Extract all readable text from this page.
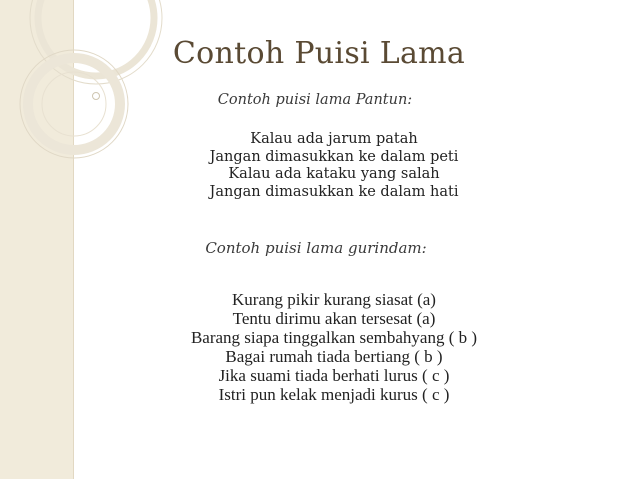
Contoh Puisi Lama
Contoh puisi lama Pantun:
Kalau ada jarum patah
Jangan dimasukkan ke dalam peti
Kalau ada kataku yang salah
Jangan dimasukkan ke dalam hati
Contoh puisi lama gurindam:
Kurang pikir kurang siasat (a)
Tentu dirimu akan tersesat (a)
Barang siapa tinggalkan sembahyang ( b )
Bagai rumah tiada bertiang ( b )
Jika suami tiada berhati lurus ( c )
Istri pun kelak menjadi kurus ( c )
